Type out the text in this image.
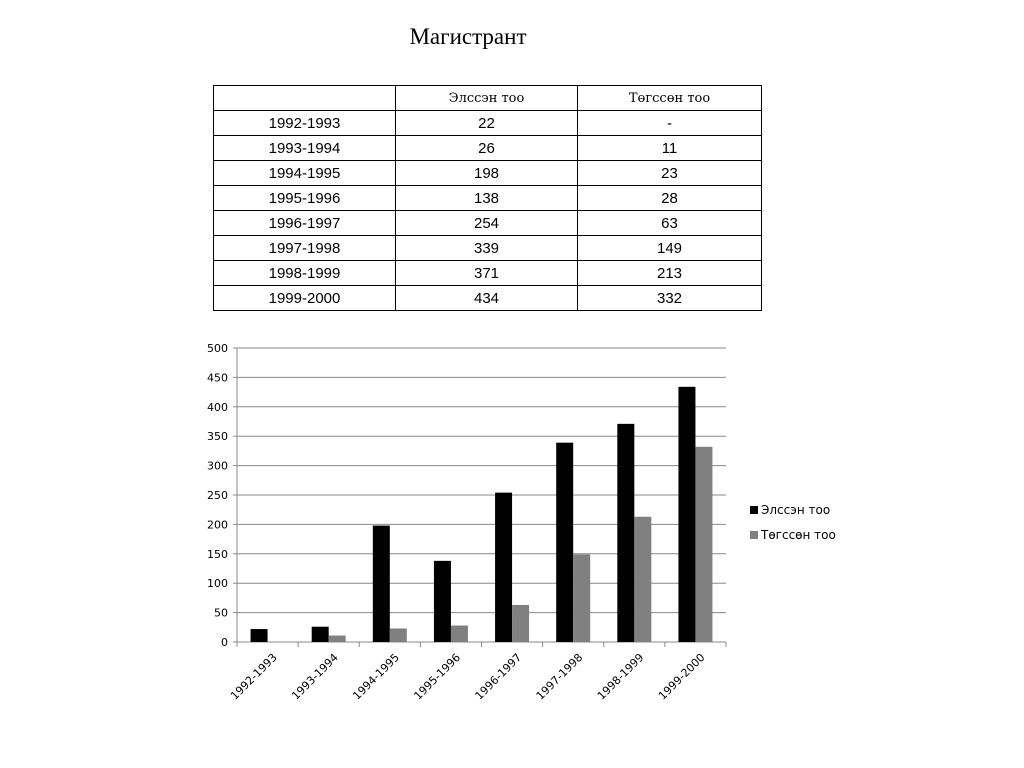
Магистрант
	Элссэн тоо	Төгссөн тоо
1992-1993	22	-
1993-1994	26	11
1994-1995	198	23
1995-1996	138	28
1996-1997	254	63
1997-1998	339	149
1998-1999	371	213
1999-2000	434	332
0
50
100
150
200
250
300
350
400
450
500
1992-1993 1993-1994 1994-1995 1995-1996 1996-1997 1997-1998 1998-1999 1999-2000
Элссэн тоо
Төгссөн тоо
